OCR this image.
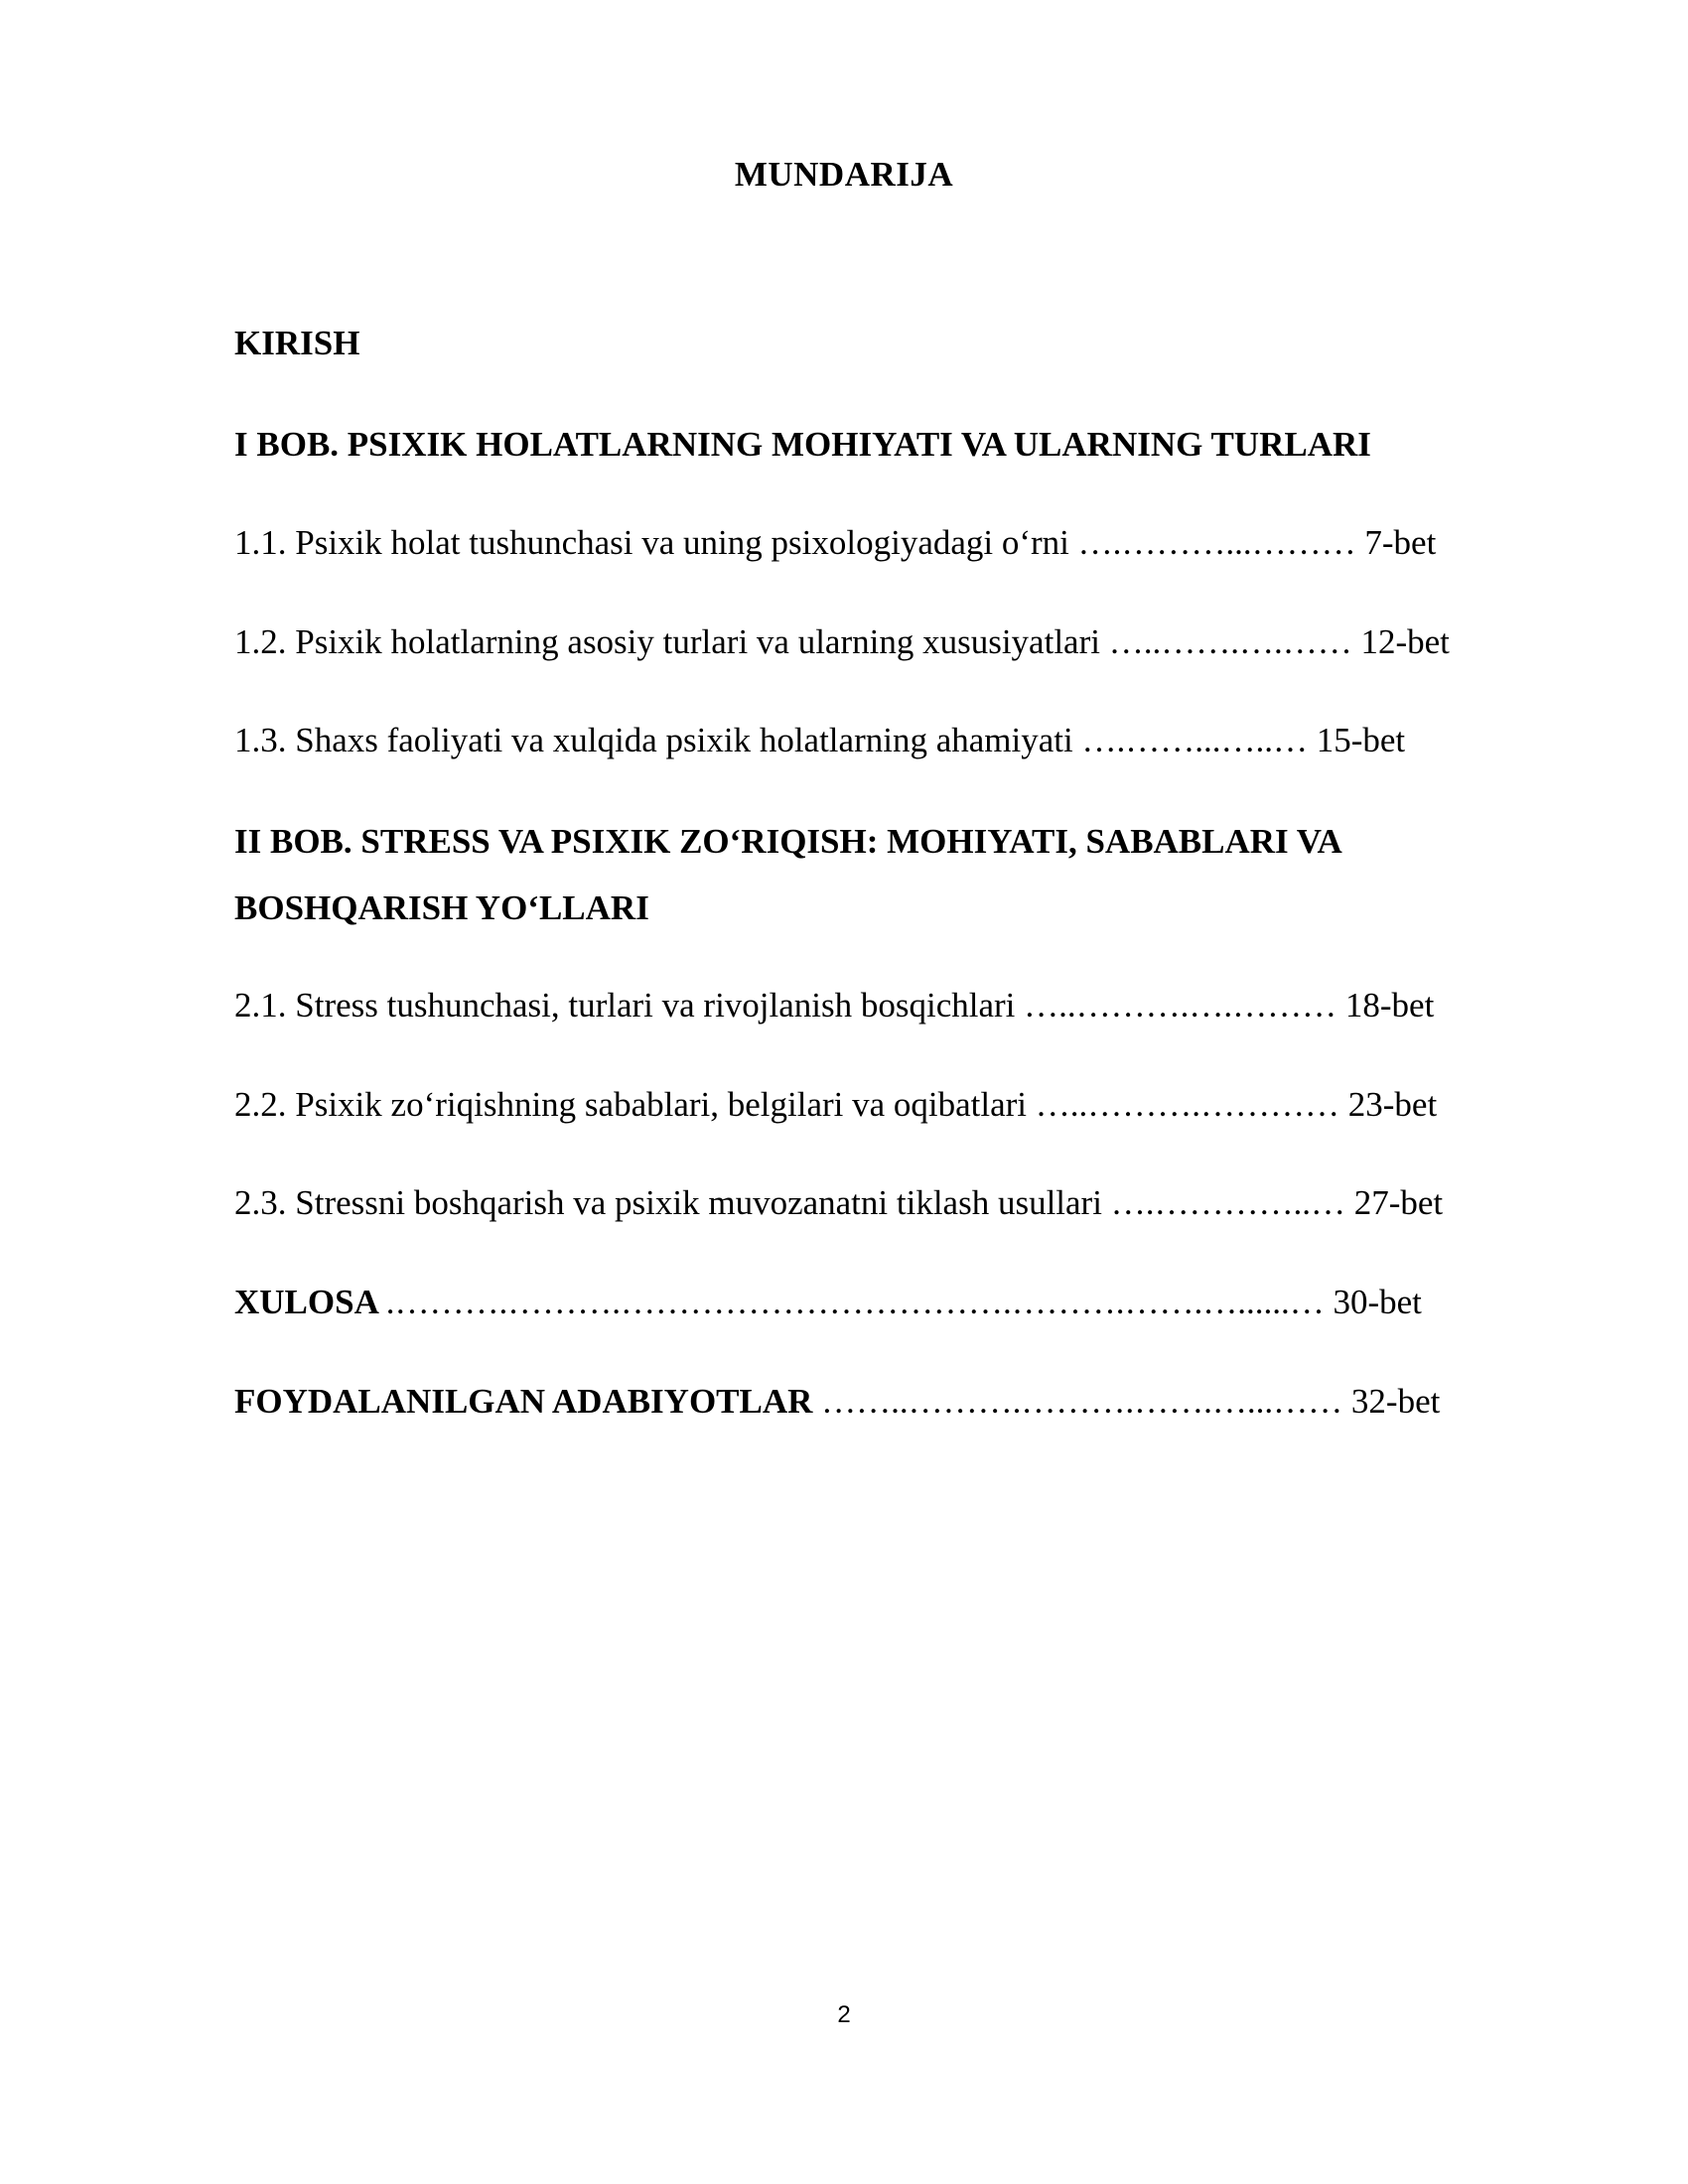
MUNDARIJA
KIRISH
I BOB. PSIXIK HOLATLARNING MOHIYATI VA ULARNING TURLARI
1.1. Psixik holat tushunchasi va uning psixologiyadagi o‘rni ….………...……… 7-bet
1.2. Psixik holatlarning asosiy turlari va ularning xususiyatlari …..…….….…… 12-bet
1.3. Shaxs faoliyati va xulqida psixik holatlarning ahamiyati ….……...…..… 15-bet
II BOB. STRESS VA PSIXIK ZO‘RIQISH: MOHIYATI, SABABLARI VA
BOSHQARISH YO‘LLARI
2.1. Stress tushunchasi, turlari va rivojlanish bosqichlari …..……….….……… 18-bet
2.2. Psixik zo‘riqishning sabablari, belgilari va oqibatlari …..……….………… 23-bet
2.3. Stressni boshqarish va psixik muvozanatni tiklash usullari ….…………..… 27-bet
XULOSA .……….……….…………………………….……….…….…......… 30-bet
FOYDALANILGAN ADABIYOTLAR ……..……….……….…….…...…… 32-bet
2
